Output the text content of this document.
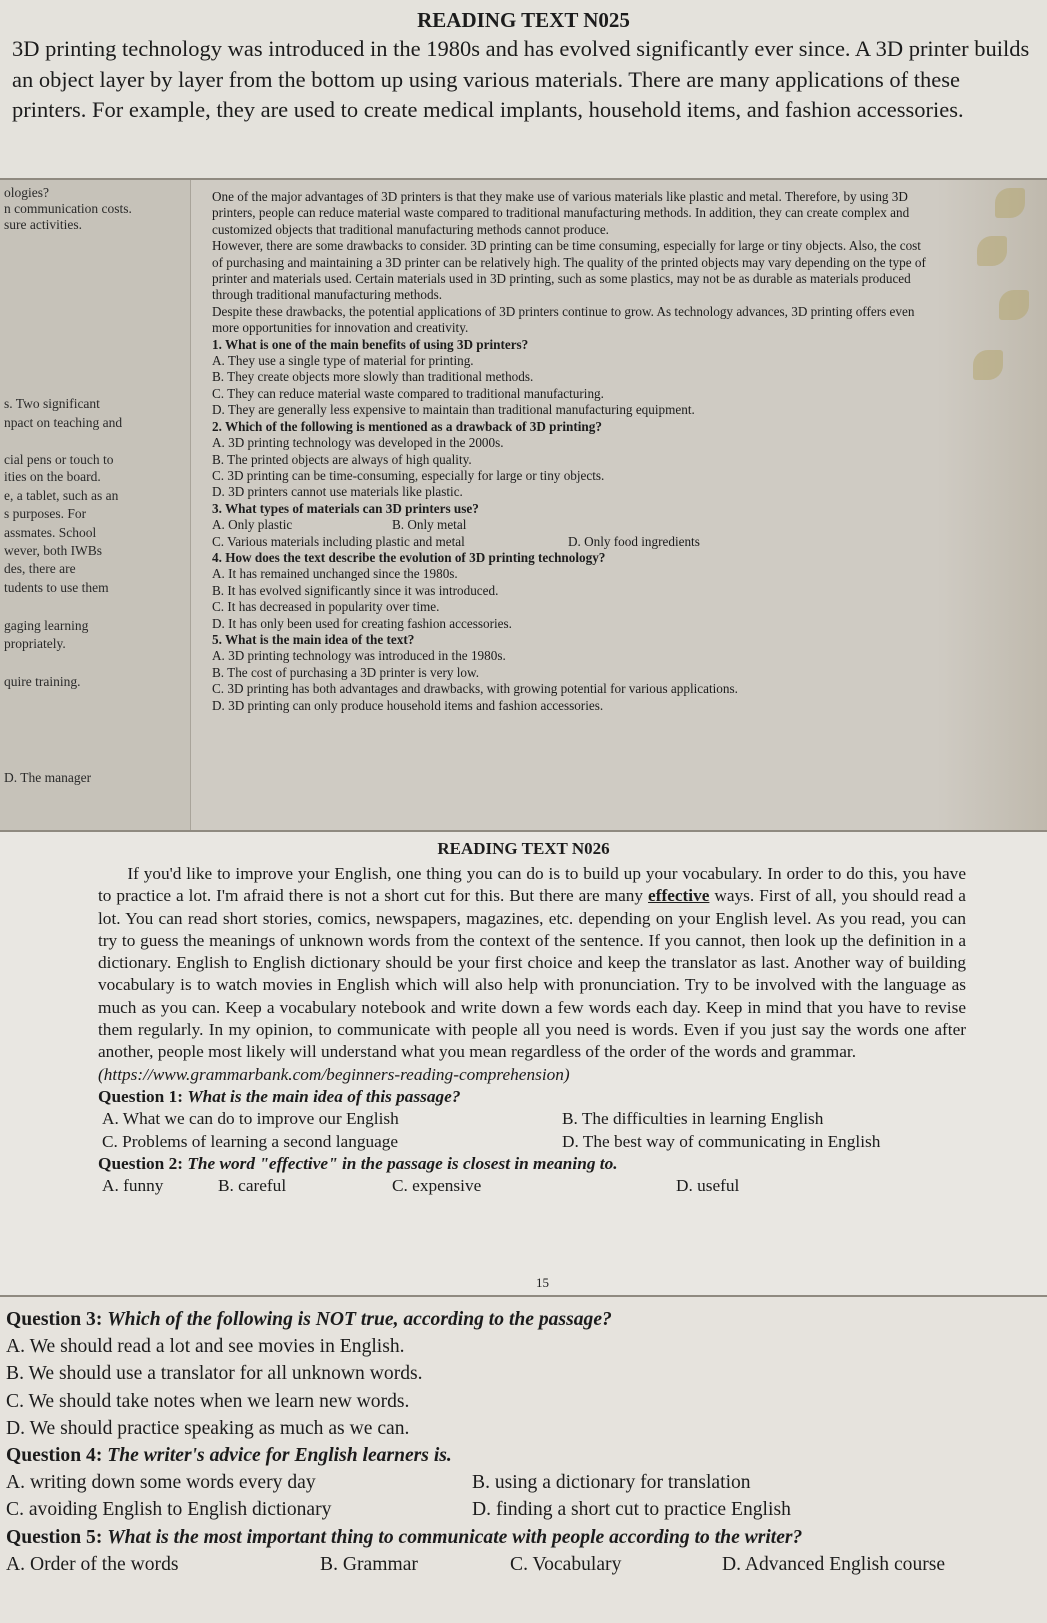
READING TEXT N025
3D printing technology was introduced in the 1980s and has evolved significantly ever since. A 3D printer builds an object layer by layer from the bottom up using various materials. There are many applications of these printers. For example, they are used to create medical implants, household items, and fashion accessories.
ologies?
n communication costs.
sure activities.
s. Two significant
npact on teaching and
cial pens or touch to
ities on the board.
e, a tablet, such as an
s purposes. For
assmates. School
wever, both IWBs
des, there are
tudents to use them
gaging learning
propriately.
quire training.
D. The manager

One of the major advantages of 3D printers is that they make use of various materials like plastic and metal. Therefore, by using 3D printers, people can reduce material waste compared to traditional manufacturing methods. In addition, they can create complex and customized objects that traditional manufacturing methods cannot produce.

However, there are some drawbacks to consider. 3D printing can be time consuming, especially for large or tiny objects. Also, the cost of purchasing and maintaining a 3D printer can be relatively high. The quality of the printed objects may vary depending on the type of printer and materials used. Certain materials used in 3D printing, such as some plastics, may not be as durable as materials produced through traditional manufacturing methods.

Despite these drawbacks, the potential applications of 3D printers continue to grow. As technology advances, 3D printing offers even more opportunities for innovation and creativity.

1. What is one of the main benefits of using 3D printers?

A. They use a single type of material for printing.

B. They create objects more slowly than traditional methods.

C. They can reduce material waste compared to traditional manufacturing.

D. They are generally less expensive to maintain than traditional manufacturing equipment.

2. Which of the following is mentioned as a drawback of 3D printing?

A. 3D printing technology was developed in the 2000s.

B. The printed objects are always of high quality.

C. 3D printing can be time-consuming, especially for large or tiny objects.

D. 3D printers cannot use materials like plastic.

3. What types of materials can 3D printers use?

A. Only plastic	B. Only metal
C. Various materials including plastic and metal	D. Only food ingredients

4. How does the text describe the evolution of 3D printing technology?

A. It has remained unchanged since the 1980s.

B. It has evolved significantly since it was introduced.

C. It has decreased in popularity over time.

D. It has only been used for creating fashion accessories.

5. What is the main idea of the text?

A. 3D printing technology was introduced in the 1980s.

B. The cost of purchasing a 3D printer is very low.

C. 3D printing has both advantages and drawbacks, with growing potential for various applications.

D. 3D printing can only produce household items and fashion accessories.

READING TEXT N026

If you'd like to improve your English, one thing you can do is to build up your vocabulary. In order to do this, you have to practice a lot. I'm afraid there is not a short cut for this. But there are many effective ways. First of all, you should read a lot. You can read short stories, comics, newspapers, magazines, etc. depending on your English level. As you read, you can try to guess the meanings of unknown words from the context of the sentence. If you cannot, then look up the definition in a dictionary. English to English dictionary should be your first choice and keep the translator as last. Another way of building vocabulary is to watch movies in English which will also help with pronunciation. Try to be involved with the language as much as you can. Keep a vocabulary notebook and write down a few words each day. Keep in mind that you have to revise them regularly. In my opinion, to communicate with people all you need is words. Even if you just say the words one after another, people most likely will understand what you mean regardless of the order of the words and grammar.

(https://www.grammarbank.com/beginners-reading-comprehension)

Question 1: What is the main idea of this passage?

A. What we can do to improve our English	B. The difficulties in learning English
C. Problems of learning a second language	D. The best way of communicating in English

Question 2: The word "effective" in the passage is closest in meaning to.

A. funny	B. careful	C. expensive	D. useful
15

Question 3: Which of the following is NOT true, according to the passage?

A. We should read a lot and see movies in English.

B. We should use a translator for all unknown words.

C. We should take notes when we learn new words.

D. We should practice speaking as much as we can.

Question 4: The writer's advice for English learners is.

A. writing down some words every day	B. using a dictionary for translation
C. avoiding English to English dictionary	D. finding a short cut to practice English

Question 5: What is the most important thing to communicate with people according to the writer?

A. Order of the words	B. Grammar	C. Vocabulary	D. Advanced English course
